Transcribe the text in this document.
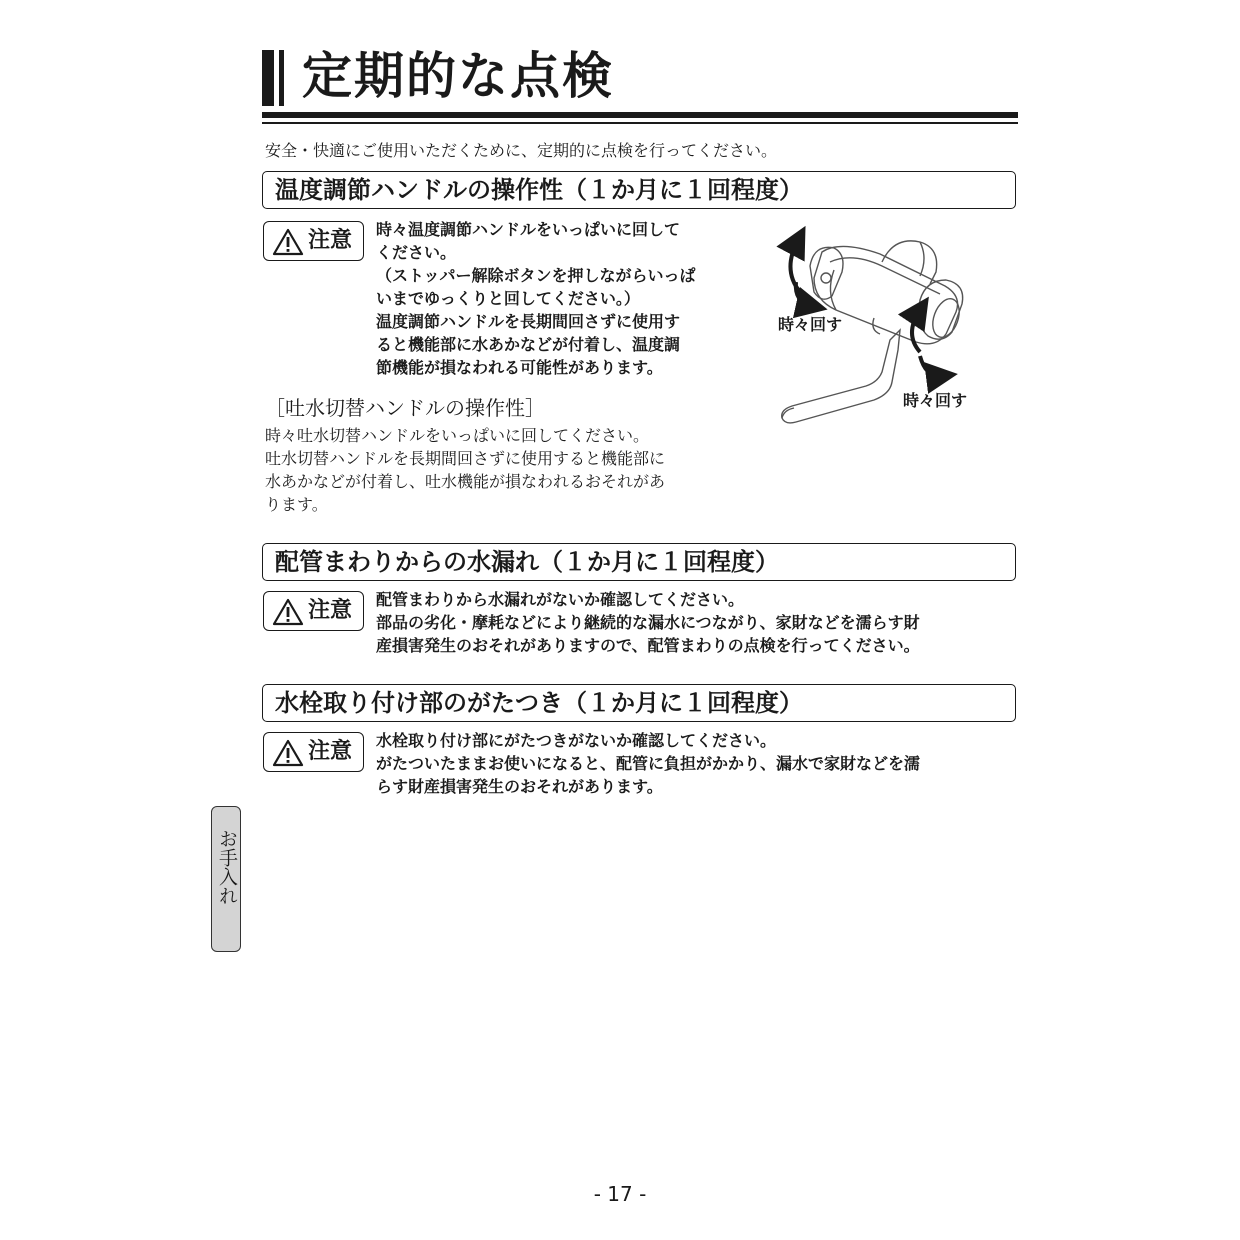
定期的な点検
安全・快適にご使用いただくために、定期的に点検を行ってください。
温度調節ハンドルの操作性（１か月に１回程度）
注意 時々温度調節ハンドルをいっぱいに回して
ください。
（ストッパー解除ボタンを押しながらいっぱ
いまでゆっくりと回してください。）
温度調節ハンドルを長期間回さずに使用す
ると機能部に水あかなどが付着し、温度調
節機能が損なわれる可能性があります。
時々回す
時々回す
［吐水切替ハンドルの操作性］
時々吐水切替ハンドルをいっぱいに回してください。
吐水切替ハンドルを長期間回さずに使用すると機能部に
水あかなどが付着し、吐水機能が損なわれるおそれがあ
ります。
配管まわりからの水漏れ（１か月に１回程度）
注意 配管まわりから水漏れがないか確認してください。
部品の劣化・摩耗などにより継続的な漏水につながり、家財などを濡らす財
産損害発生のおそれがありますので、配管まわりの点検を行ってください。
水栓取り付け部のがたつき（１か月に１回程度）
注意 水栓取り付け部にがたつきがないか確認してください。
がたついたままお使いになると、配管に負担がかかり、漏水で家財などを濡
らす財産損害発生のおそれがあります。
お手入れ
- 17 -
